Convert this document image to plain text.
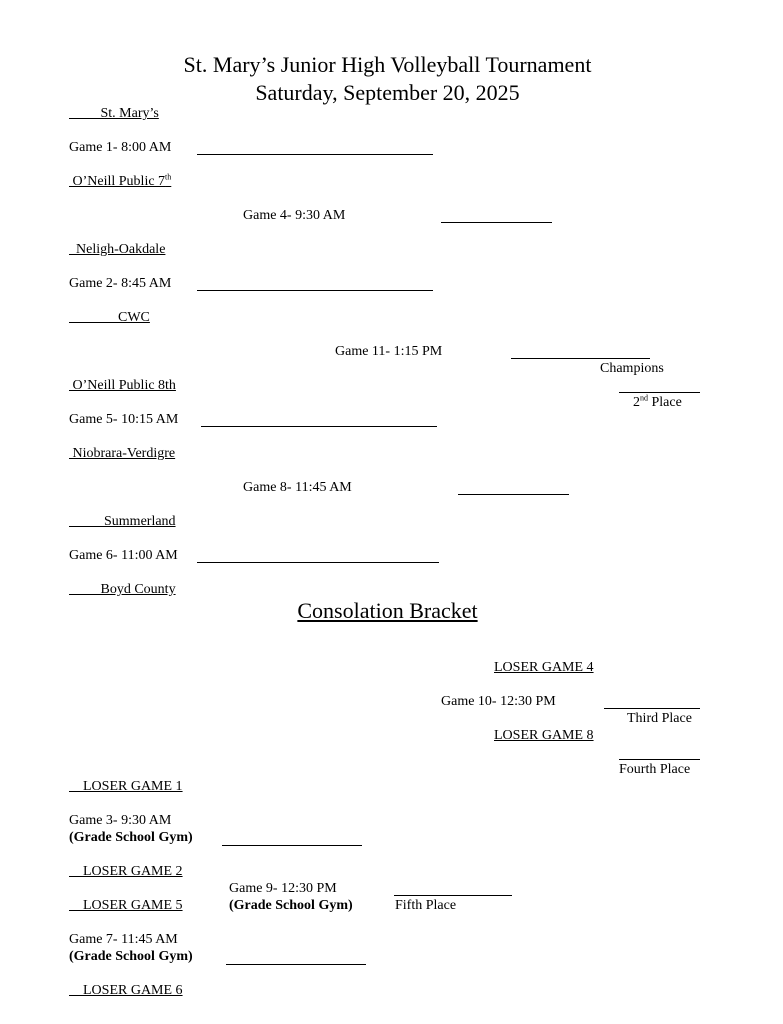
St. Mary’s Junior High Volleyball Tournament
Saturday, September 20, 2025
   St. Mary’s
Game 1- 8:00 AM
O’Neill Public 7th
Game 4- 9:30 AM
Neligh-Oakdale
Game 2- 8:45 AM
     CWC
Game 11- 1:15 PM
Champions
O’Neill Public 8th
2nd Place
Game 5- 10:15 AM
Niobrara-Verdigre
Game 8- 11:45 AM
    Summerland
Game 6- 11:00 AM
   Boyd County
Consolation Bracket
LOSER GAME 4
Game 10- 12:30 PM
Third Place
LOSER GAME 8
Fourth Place
LOSER GAME 1
Game 3- 9:30 AM
(Grade School Gym)
LOSER GAME 2
Game 9- 12:30 PM
LOSER GAME 5	(Grade School Gym)	Fifth Place
Game 7- 11:45 AM
(Grade School Gym)
LOSER GAME 6
